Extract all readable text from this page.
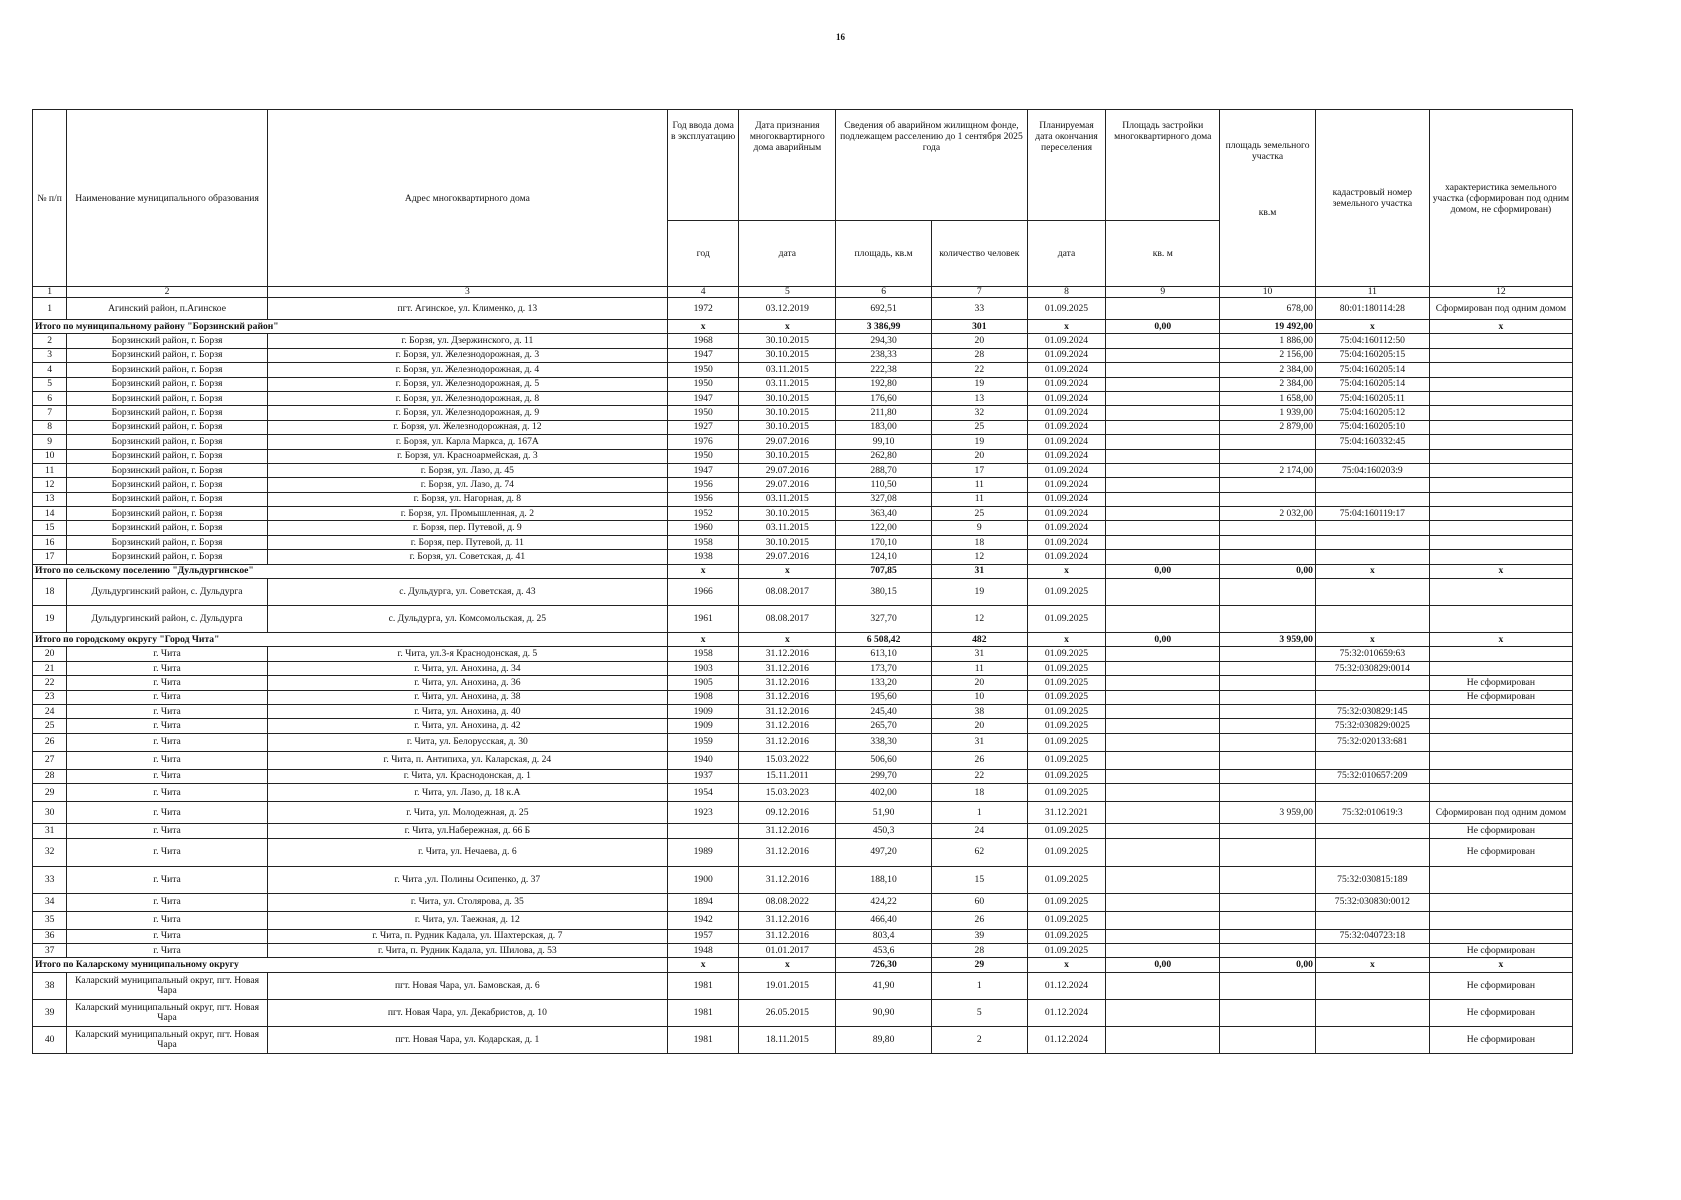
16
№ п/п	Наименование муниципального образования	Адрес многоквартирного дома	Год ввода дома в эксплуатацию	Дата признания многоквартирного дома аварийным	Сведения об аварийном жилищном фонде, подлежащем расселению до 1 сентября 2025 года		Планируемая дата окончания переселения	Площадь застройки многоквартирного дома	площадь земельного участка
кв.м	кадастровый номер земельного участка	характеристика земельного участка (сформирован под одним домом, не сформирован)
			год	дата	площадь, кв.м	количество человек	дата	кв. м			
1	2	3	4	5	6	7	8	9	10	11	12
1	Агинский район, п.Агинское	пгт. Агинское, ул. Клименко, д. 13	1972	03.12.2019	692,51	33	01.09.2025		678,00	80:01:180114:28	Сформирован под одним домом
Итого по муниципальному району "Борзинский район"			x	x	3 386,99	301	x	0,00	19 492,00	x	x
2	Борзинский район, г. Борзя	г. Борзя, ул. Дзержинского, д. 11	1968	30.10.2015	294,30	20	01.09.2024		1 886,00	75:04:160112:50	
3	Борзинский район, г. Борзя	г. Борзя, ул. Железнодорожная, д. 3	1947	30.10.2015	238,33	28	01.09.2024		2 156,00	75:04:160205:15	
4	Борзинский район, г. Борзя	г. Борзя, ул. Железнодорожная, д. 4	1950	03.11.2015	222,38	22	01.09.2024		2 384,00	75:04:160205:14	
5	Борзинский район, г. Борзя	г. Борзя, ул. Железнодорожная, д. 5	1950	03.11.2015	192,80	19	01.09.2024		2 384,00	75:04:160205:14	
6	Борзинский район, г. Борзя	г. Борзя, ул. Железнодорожная, д. 8	1947	30.10.2015	176,60	13	01.09.2024		1 658,00	75:04:160205:11	
7	Борзинский район, г. Борзя	г. Борзя, ул. Железнодорожная, д. 9	1950	30.10.2015	211,80	32	01.09.2024		1 939,00	75:04:160205:12	
8	Борзинский район, г. Борзя	г. Борзя, ул. Железнодорожная, д. 12	1927	30.10.2015	183,00	25	01.09.2024		2 879,00	75:04:160205:10	
9	Борзинский район, г. Борзя	г. Борзя, ул. Карла Маркса, д. 167А	1976	29.07.2016	99,10	19	01.09.2024			75:04:160332:45	
10	Борзинский район, г. Борзя	г. Борзя, ул. Красноармейская, д. 3	1950	30.10.2015	262,80	20	01.09.2024				
11	Борзинский район, г. Борзя	г. Борзя, ул. Лазо, д. 45	1947	29.07.2016	288,70	17	01.09.2024		2 174,00	75:04:160203:9	
12	Борзинский район, г. Борзя	г. Борзя, ул. Лазо, д. 74	1956	29.07.2016	110,50	11	01.09.2024				
13	Борзинский район, г. Борзя	г. Борзя, ул. Нагорная, д. 8	1956	03.11.2015	327,08	11	01.09.2024				
14	Борзинский район, г. Борзя	г. Борзя, ул. Промышленная, д. 2	1952	30.10.2015	363,40	25	01.09.2024		2 032,00	75:04:160119:17	
15	Борзинский район, г. Борзя	г. Борзя, пер. Путевой, д. 9	1960	03.11.2015	122,00	9	01.09.2024				
16	Борзинский район, г. Борзя	г. Борзя, пер. Путевой, д. 11	1958	30.10.2015	170,10	18	01.09.2024				
17	Борзинский район, г. Борзя	г. Борзя, ул. Советская, д. 41	1938	29.07.2016	124,10	12	01.09.2024				
Итого по сельскому поселению "Дульдургинское"			x	x	707,85	31	x	0,00	0,00	x	x
18	Дульдургинский район, с. Дульдурга	с. Дульдурга, ул. Советская, д. 43	1966	08.08.2017	380,15	19	01.09.2025				
19	Дульдургинский район, с. Дульдурга	с. Дульдурга, ул. Комсомольская, д. 25	1961	08.08.2017	327,70	12	01.09.2025				
Итого по городскому округу "Город Чита"			x	x	6 508,42	482	x	0,00	3 959,00	x	x
20	г. Чита	г. Чита, ул.3-я Краснодонская, д. 5	1958	31.12.2016	613,10	31	01.09.2025			75:32:010659:63	
21	г. Чита	г. Чита, ул. Анохина, д. 34	1903	31.12.2016	173,70	11	01.09.2025			75:32:030829:0014	
22	г. Чита	г. Чита, ул. Анохина, д. 36	1905	31.12.2016	133,20	20	01.09.2025				Не сформирован
23	г. Чита	г. Чита, ул. Анохина, д. 38	1908	31.12.2016	195,60	10	01.09.2025				Не сформирован
24	г. Чита	г. Чита, ул. Анохина, д. 40	1909	31.12.2016	245,40	38	01.09.2025			75:32:030829:145	
25	г. Чита	г. Чита, ул. Анохина, д. 42	1909	31.12.2016	265,70	20	01.09.2025			75:32:030829:0025	
26	г. Чита	г. Чита, ул. Белорусская, д. 30	1959	31.12.2016	338,30	31	01.09.2025			75:32:020133:681	
27	г. Чита	г. Чита, п. Антипиха, ул. Каларская, д. 24	1940	15.03.2022	506,60	26	01.09.2025				
28	г. Чита	г. Чита, ул. Краснодонская, д. 1	1937	15.11.2011	299,70	22	01.09.2025			75:32:010657:209	
29	г. Чита	г. Чита, ул. Лазо, д. 18 к.А	1954	15.03.2023	402,00	18	01.09.2025				
30	г. Чита	г. Чита, ул. Молодежная, д. 25	1923	09.12.2016	51,90	1	31.12.2021		3 959,00	75:32:010619:3	Сформирован под одним домом
31	г. Чита	г. Чита, ул.Набережная, д. 66 Б		31.12.2016	450,3	24	01.09.2025				Не сформирован
32	г. Чита	г. Чита, ул. Нечаева, д. 6	1989	31.12.2016	497,20	62	01.09.2025				Не сформирован
33	г. Чита	г. Чита ,ул. Полины Осипенко, д. 37	1900	31.12.2016	188,10	15	01.09.2025			75:32:030815:189	
34	г. Чита	г. Чита, ул. Столярова, д. 35	1894	08.08.2022	424,22	60	01.09.2025			75:32:030830:0012	
35	г. Чита	г. Чита, ул. Таежная, д. 12	1942	31.12.2016	466,40	26	01.09.2025				
36	г. Чита	г. Чита, п. Рудник Кадала, ул. Шахтерская, д. 7	1957	31.12.2016	803,4	39	01.09.2025			75:32:040723:18	
37	г. Чита	г. Чита, п. Рудник Кадала, ул. Шилова, д. 53	1948	01.01.2017	453,6	28	01.09.2025				Не сформирован
Итого по Каларскому муниципальному округу			x	x	726,30	29	x	0,00	0,00	x	x
38	Каларский муниципальный округ, пгт. Новая Чара	пгт. Новая Чара, ул. Бамовская, д. 6	1981	19.01.2015	41,90	1	01.12.2024				Не сформирован
39	Каларский муниципальный округ, пгт. Новая Чара	пгт. Новая Чара, ул. Декабристов, д. 10	1981	26.05.2015	90,90	5	01.12.2024				Не сформирован
40	Каларский муниципальный округ, пгт. Новая Чара	пгт. Новая Чара, ул. Кодарская, д. 1	1981	18.11.2015	89,80	2	01.12.2024				Не сформирован
